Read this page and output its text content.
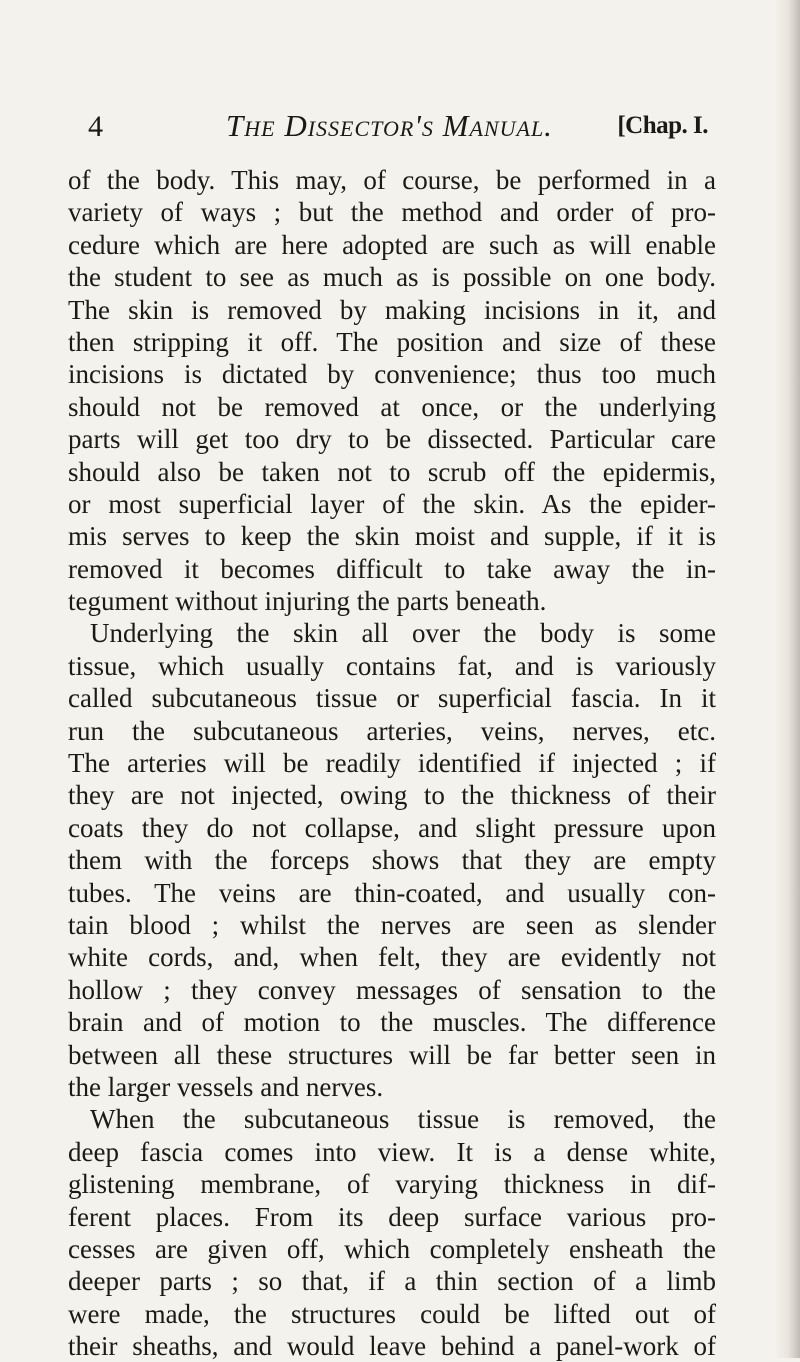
4	The Dissector's Manual.	[Chap. I.
of the body. This may, of course, be performed in a
variety of ways ; but the method and order of pro-
cedure which are here adopted are such as will enable
the student to see as much as is possible on one body.
The skin is removed by making incisions in it, and
then stripping it off. The position and size of these
incisions is dictated by convenience; thus too much
should not be removed at once, or the underlying
parts will get too dry to be dissected. Particular care
should also be taken not to scrub off the epidermis,
or most superficial layer of the skin. As the epider-
mis serves to keep the skin moist and supple, if it is
removed it becomes difficult to take away the in-
tegument without injuring the parts beneath.
Underlying the skin all over the body is some
tissue, which usually contains fat, and is variously
called subcutaneous tissue or superficial fascia. In it
run the subcutaneous arteries, veins, nerves, etc.
The arteries will be readily identified if injected ; if
they are not injected, owing to the thickness of their
coats they do not collapse, and slight pressure upon
them with the forceps shows that they are empty
tubes. The veins are thin-coated, and usually con-
tain blood ; whilst the nerves are seen as slender
white cords, and, when felt, they are evidently not
hollow ; they convey messages of sensation to the
brain and of motion to the muscles. The difference
between all these structures will be far better seen in
the larger vessels and nerves.
When the subcutaneous tissue is removed, the
deep fascia comes into view. It is a dense white,
glistening membrane, of varying thickness in dif-
ferent places. From its deep surface various pro-
cesses are given off, which completely ensheath the
deeper parts ; so that, if a thin section of a limb
were made, the structures could be lifted out of
their sheaths, and would leave behind a panel-work of
